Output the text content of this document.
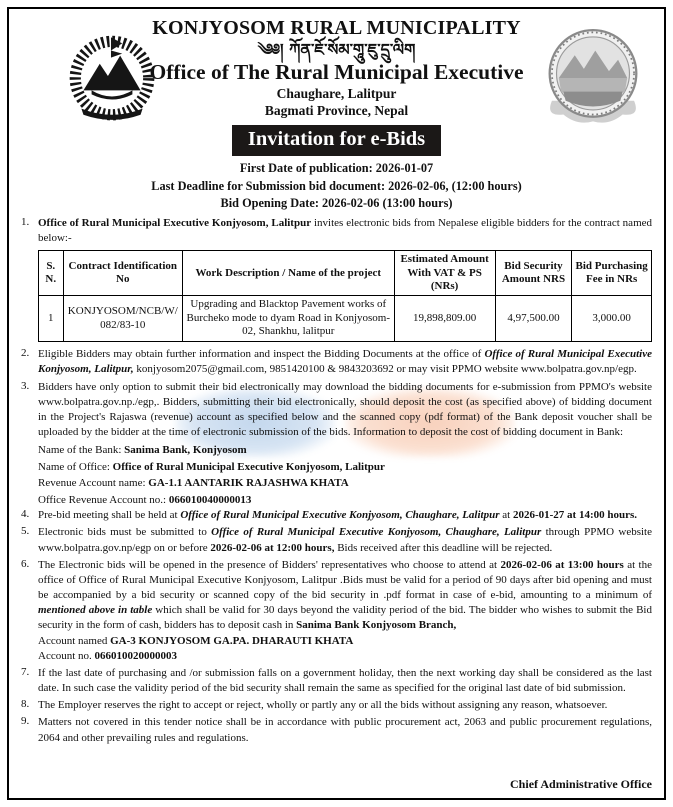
KONJYOSOM RURAL MUNICIPALITY
༄༅། ཀོན་ཇོ་སོམ་གཱུ་ཇུ་དྲུ་ལིག
Office of The Rural Municipal Executive
Chaughare, Lalitpur
Bagmati Province, Nepal
Invitation for e-Bids
First Date of publication: 2026-01-07
Last Deadline for Submission bid document: 2026-02-06, (12:00 hours)
Bid Opening Date: 2026-02-06 (13:00 hours)
1. Office of Rural Municipal Executive Konjyosom, Lalitpur invites electronic bids from Nepalese eligible bidders for the contract named below:-
S. N.	Contract Identification No	Work Description / Name of the project	Estimated Amount With VAT & PS (NRs)	Bid Security Amount NRS	Bid Purchasing Fee in NRs
1	KONJYOSOM/NCB/W/ 082/83-10	Upgrading and Blacktop Pavement works of Burcheko mode to dyam Road in Konjyosom-02, Shankhu, lalitpur	19,898,809.00	4,97,500.00	3,000.00
2. Eligible Bidders may obtain further information and inspect the Bidding Documents at the office of Office of Rural Municipal Executive Konjyosom, Lalitpur, konjyosom2075@gmail.com, 9851420100 & 9843203692 or may visit PPMO website www.bolpatra.gov.np/egp.
3. Bidders have only option to submit their bid electronically may download the bidding documents for e-submission from PPMO's website www.bolpatra.gov.np./egp,. Bidders, submitting their bid electronically, should deposit the cost (as specified above) of bidding document in the Project's Rajaswa (revenue) account as specified below and the scanned copy (pdf format) of the Bank deposit voucher shall be uploaded by the bidder at the time of electronic submission of the bids. Information to deposit the cost of bidding document in Bank:
Name of the Bank: Sanima Bank, Konjyosom
Name of Office: Office of Rural Municipal Executive Konjyosom, Lalitpur
Revenue Account name: GA-1.1 AANTARIK RAJASHWA KHATA
Office Revenue Account no.: 066010040000013
4. Pre-bid meeting shall be held at Office of Rural Municipal Executive Konjyosom, Chaughare, Lalitpur at 2026-01-27 at 14:00 hours.
5. Electronic bids must be submitted to Office of Rural Municipal Executive Konjyosom, Chaughare, Lalitpur through PPMO website www.bolpatra.gov.np/egp on or before 2026-02-06 at 12:00 hours, Bids received after this deadline will be rejected.
6. The Electronic bids will be opened in the presence of Bidders' representatives who choose to attend at 2026-02-06 at 13:00 hours at the office of Office of Rural Municipal Executive Konjyosom, Lalitpur .Bids must be valid for a period of 90 days after bid opening and must be accompanied by a bid security or scanned copy of the bid security in .pdf format in case of e-bid, amounting to a minimum of mentioned above in table which shall be valid for 30 days beyond the validity period of the bid. The bidder who wishes to submit the Bid security in the form of cash, bidders has to deposit cash in Sanima Bank Konjyosom Branch,
Account named GA-3 KONJYOSOM GA.PA. DHARAUTI KHATA
Account no. 066010020000003
7. If the last date of purchasing and /or submission falls on a government holiday, then the next working day shall be considered as the last date. In such case the validity period of the bid security shall remain the same as specified for the original last date of bid submission.
8. The Employer reserves the right to accept or reject, wholly or partly any or all the bids without assigning any reason, whatsoever.
9. Matters not covered in this tender notice shall be in accordance with public procurement act, 2063 and public procurement regulations, 2064 and other prevailing rules and regulations.
Chief Administrative Office
